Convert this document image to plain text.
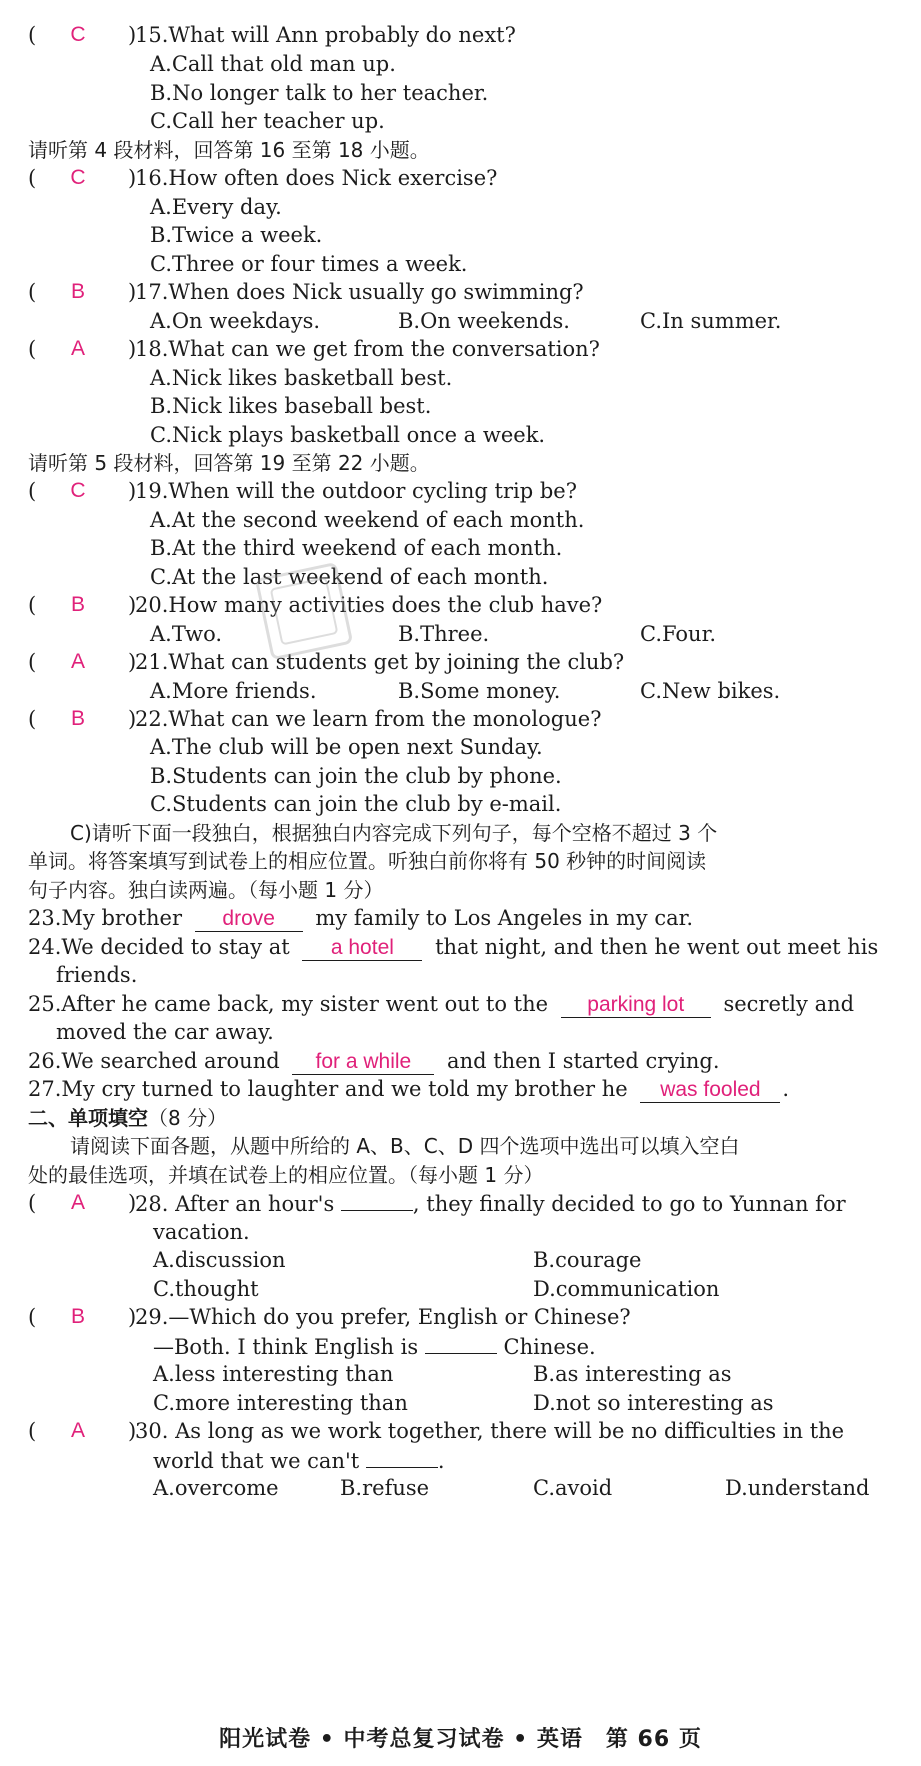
(	C	)
15.What will Ann probably do next?
A.Call that old man up.
B.No longer talk to her teacher.
C.Call her teacher up.
请听第 4 段材料，回答第 16 至第 18 小题。
(	C	)
16.How often does Nick exercise?
A.Every day.
B.Twice a week.
C.Three or four times a week.
(	B	)
17.When does Nick usually go swimming?
A.On weekdays.	B.On weekends.	C.In summer.
(	A	)
18.What can we get from the conversation?
A.Nick likes basketball best.
B.Nick likes baseball best.
C.Nick plays basketball once a week.
请听第 5 段材料，回答第 19 至第 22 小题。
(	C	)
19.When will the outdoor cycling trip be?
A.At the second weekend of each month.
B.At the third weekend of each month.
C.At the last weekend of each month.
(	B	)
20.How many activities does the club have?
A.Two.	B.Three.	C.Four.
(	A	)
21.What can students get by joining the club?
A.More friends.	B.Some money.	C.New bikes.
(	B	)
22.What can we learn from the monologue?
A.The club will be open next Sunday.
B.Students can join the club by phone.
C.Students can join the club by e-mail.
C)请听下面一段独白，根据独白内容完成下列句子，每个空格不超过 3 个
单词。将答案填写到试卷上的相应位置。听独白前你将有 50 秒钟的时间阅读
句子内容。独白读两遍。（每小题 1 分）
23.My brother drove my family to Los Angeles in my car.
24.We decided to stay at a hotel that night, and then he went out meet his
friends.
25.After he came back, my sister went out to the parking lot secretly and
moved the car away.
26.We searched around for a while and then I started crying.
27.My cry turned to laughter and we told my brother he was fooled .
二、单项填空（8 分）
请阅读下面各题，从题中所给的 A、B、C、D 四个选项中选出可以填入空白
处的最佳选项，并填在试卷上的相应位置。（每小题 1 分）
(	A	)
28. After an hour's	, they finally decided to go to Yunnan for
vacation.
A.discussion	B.courage
C.thought	D.communication
(	B	)
29.—Which do you prefer, English or Chinese?
—Both. I think English is	Chinese.
A.less interesting than	B.as interesting as
C.more interesting than	D.not so interesting as
(	A	)
30. As long as we work together, there will be no difficulties in the
world that we can't	.
A.overcome	B.refuse	C.avoid	D.understand
阳光试卷 • 中考总复习试卷 • 英语　第 66 页
